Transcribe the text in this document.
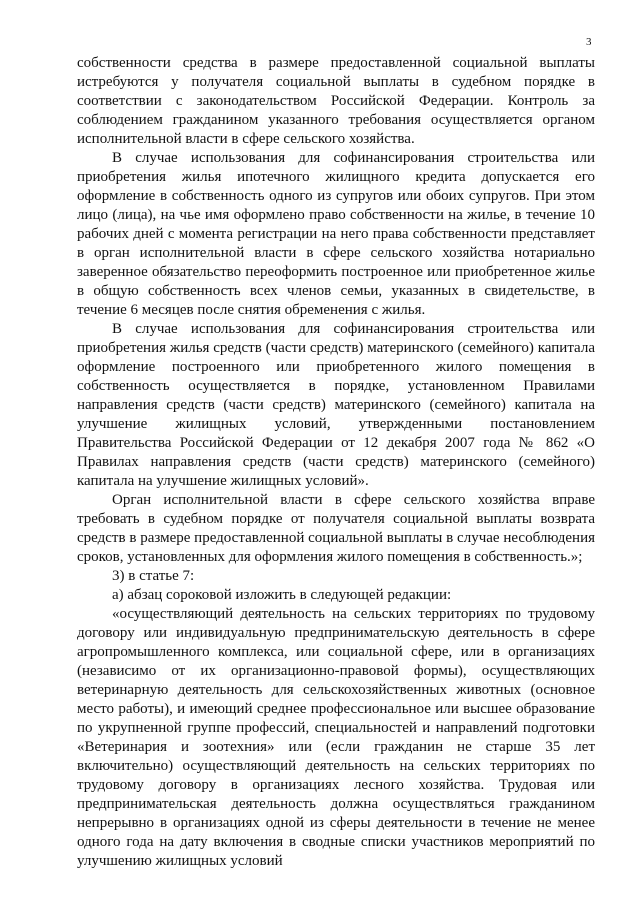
3

собственности средства в размере предоставленной социальной выплаты истребуются у получателя социальной выплаты в судебном порядке в соответствии с законодательством Российской Федерации. Контроль за соблюдением гражданином указанного требования осуществляется органом исполнительной власти в сфере сельского хозяйства.

В случае использования для софинансирования строительства или приобретения жилья ипотечного жилищного кредита допускается его оформление в собственность одного из супругов или обоих супругов. При этом лицо (лица), на чье имя оформлено право собственности на жилье, в течение 10 рабочих дней с момента регистрации на него права собственности представляет в орган исполнительной власти в сфере сельского хозяйства нотариально заверенное обязательство переоформить построенное или приобретенное жилье в общую собственность всех членов семьи, указанных в свидетельстве, в течение 6 месяцев после снятия обременения с жилья.

В случае использования для софинансирования строительства или приобретения жилья средств (части средств) материнского (семейного) капитала оформление построенного или приобретенного жилого помещения в собственность осуществляется в порядке, установленном Правилами направления средств (части средств) материнского (семейного) капитала на улучшение жилищных условий, утвержденными постановлением Правительства Российской Федерации от 12 декабря 2007 года № 862 «О Правилах направления средств (части средств) материнского (семейного) капитала на улучшение жилищных условий».

Орган исполнительной власти в сфере сельского хозяйства вправе требовать в судебном порядке от получателя социальной выплаты возврата средств в размере предоставленной социальной выплаты в случае несоблюдения сроков, установленных для оформления жилого помещения в собственность.»;

3) в статье 7:

а) абзац сороковой изложить в следующей редакции:

«осуществляющий деятельность на сельских территориях по трудовому договору или индивидуальную предпринимательскую деятельность в сфере агропромышленного комплекса, или социальной сфере, или в организациях (независимо от их организационно-правовой формы), осуществляющих ветеринарную деятельность для сельскохозяйственных животных (основное место работы), и имеющий среднее профессиональное или высшее образование по укрупненной группе профессий, специальностей и направлений подготовки «Ветеринария и зоотехния» или (если гражданин не старше 35 лет включительно) осуществляющий деятельность на сельских территориях по трудовому договору в организациях лесного хозяйства. Трудовая или предпринимательская деятельность должна осуществляться гражданином непрерывно в организациях одной из сферы деятельности в течение не менее одного года на дату включения в сводные списки участников мероприятий по улучшению жилищных условий
